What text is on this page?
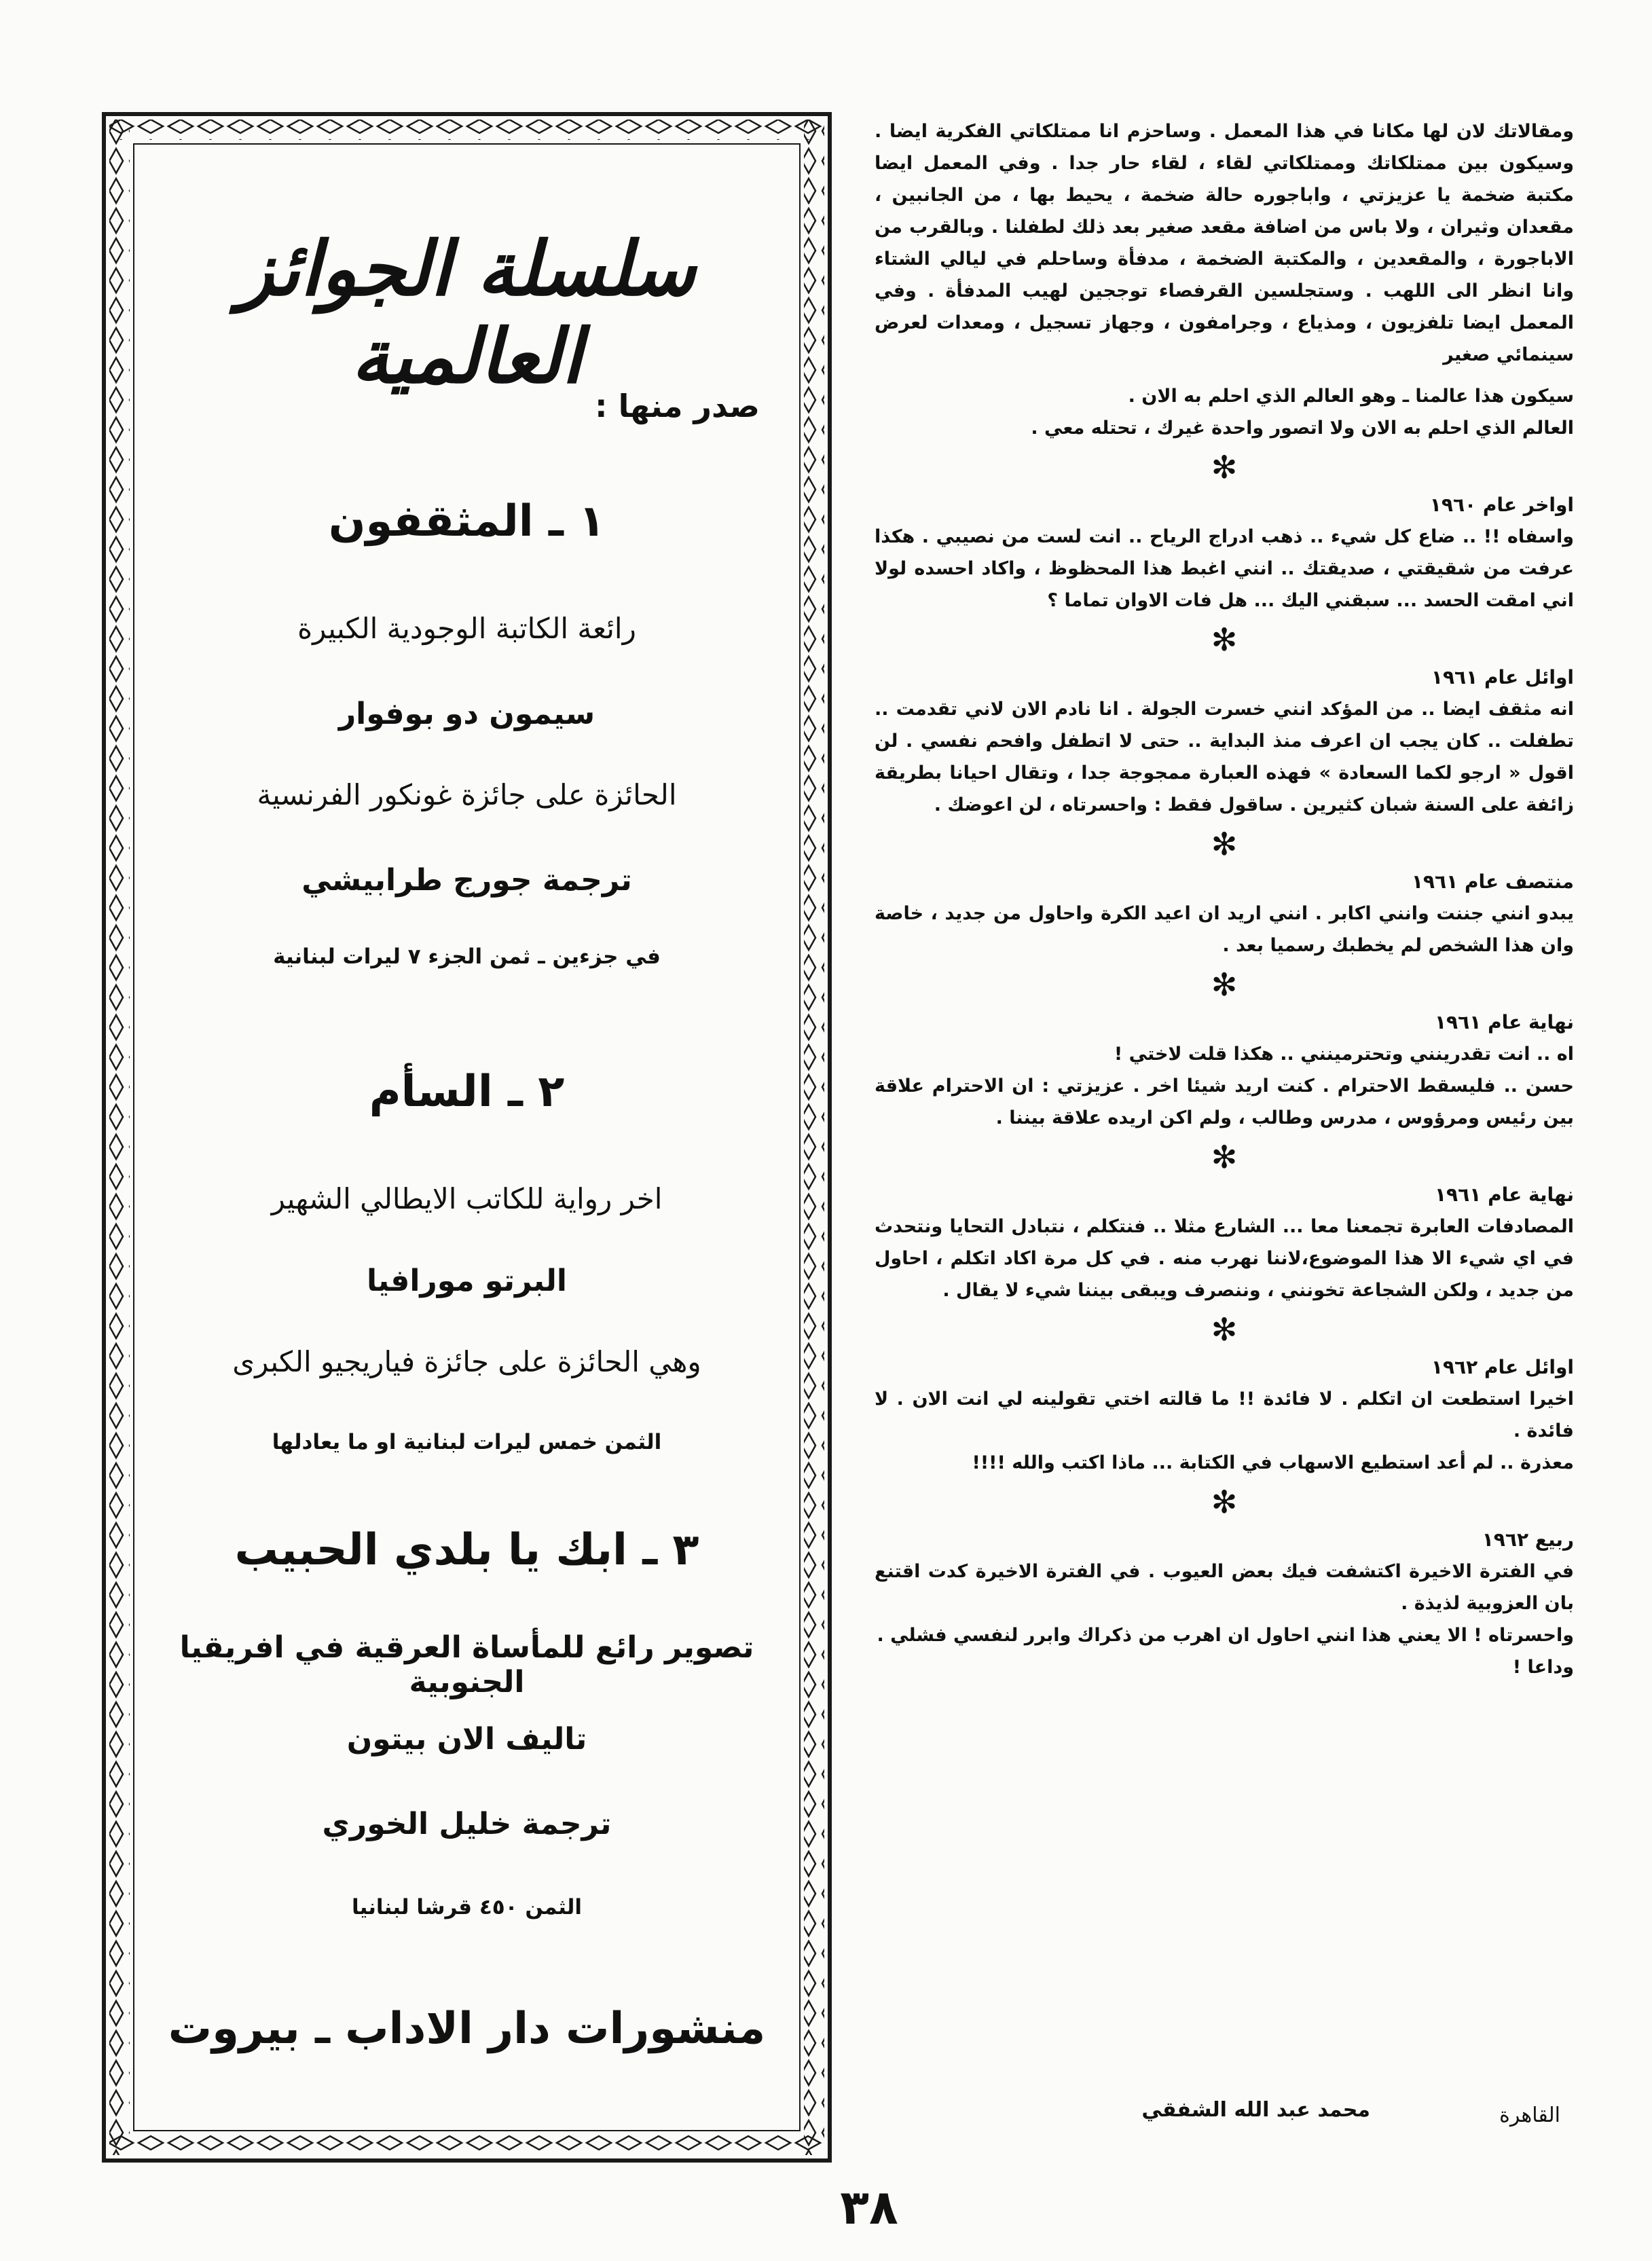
ومقالاتك لان لها مكانا في هذا المعمل . وساحزم انا ممتلكاتي الفكرية ايضا . وسيكون بين ممتلكاتك وممتلكاتي لقاء ، لقاء حار جدا . وفي المعمل ايضا مكتبة ضخمة يا عزيزتي ، واباجوره حالة ضخمة ، يحيط بها ، من الجانبين ، مقعدان وثيران ، ولا باس من اضافة مقعد صغير بعد ذلك لطفلنا . وبالقرب من الاباجورة ، والمقعدين ، والمكتبة الضخمة ، مدفأة وساحلم في ليالي الشتاء وانا انظر الى اللهب . وستجلسين القرفصاء توججين لهيب المدفأة . وفي المعمل ايضا تلفزيون ، ومذياع ، وجرامفون ، وجهاز تسجيل ، ومعدات لعرض سينمائي صغير

سيكون هذا عالمنا ـ وهو العالم الذي احلم به الان .

العالم الذي احلم به الان ولا اتصور واحدة غيرك ، تحتله معي .

✻

اواخر عام ١٩٦٠

واسفاه !! .. ضاع كل شيء .. ذهب ادراج الرياح .. انت لست من نصيبي . هكذا عرفت من شقيقتي ، صديقتك .. انني اغبط هذا المحظوظ ، واكاد احسده لولا اني امقت الحسد ... سبقني اليك ... هل فات الاوان تماما ؟

✻

اوائل عام ١٩٦١

انه مثقف ايضا .. من المؤكد انني خسرت الجولة . انا نادم الان لاني تقدمت .. تطفلت .. كان يجب ان اعرف منذ البداية .. حتى لا اتطفل وافحم نفسي . لن اقول « ارجو لكما السعادة » فهذه العبارة ممجوجة جدا ، وتقال احيانا بطريقة زائفة على السنة شبان كثيرين . ساقول فقط : واحسرتاه ، لن اعوضك .

✻

منتصف عام ١٩٦١

يبدو انني جننت وانني اكابر . انني اريد ان اعيد الكرة واحاول من جديد ، خاصة وان هذا الشخص لم يخطبك رسميا بعد .

✻

نهاية عام ١٩٦١

اه .. انت تقدرينني وتحترمينني .. هكذا قلت لاختي !

حسن .. فليسقط الاحترام . كنت اريد شيئا اخر . عزيزتي : ان الاحترام علاقة بين رئيس ومرؤوس ، مدرس وطالب ، ولم اكن اريده علاقة بيننا .

✻

نهاية عام ١٩٦١

المصادفات العابرة تجمعنا معا ... الشارع مثلا .. فنتكلم ، نتبادل التحايا ونتحدث في اي شيء الا هذا الموضوع،لاننا نهرب منه . في كل مرة اكاد اتكلم ، احاول من جديد ، ولكن الشجاعة تخونني ، وننصرف ويبقى بيننا شيء لا يقال .

✻

اوائل عام ١٩٦٢

اخيرا استطعت ان اتكلم . لا فائدة !! ما قالته اختي تقولينه لي انت الان . لا فائدة .

معذرة .. لم أعد استطيع الاسهاب في الكتابة ... ماذا اكتب والله !!!!

✻

ربيع ١٩٦٢

في الفترة الاخيرة اكتشفت فيك بعض العيوب . في الفترة الاخيرة كدت اقتنع بان العزوبية لذيذة .

واحسرتاه ! الا يعني هذا انني احاول ان اهرب من ذكراك وابرر لنفسي فشلي .

وداعا !

القاهرة
محمد عبد الله الشفقي
سلسلة الجوائز العالمية
صدر منها :
١ ـ المثقفون
رائعة الكاتبة الوجودية الكبيرة
سيمون دو بوفوار
الحائزة على جائزة غونكور الفرنسية
ترجمة جورج طرابيشي
في جزءين ـ ثمن الجزء ٧ ليرات لبنانية
٢ ـ السأم
اخر رواية للكاتب الايطالي الشهير
البرتو مورافيا
وهي الحائزة على جائزة فياريجيو الكبرى
الثمن خمس ليرات لبنانية او ما يعادلها
٣ ـ ابك يا بلدي الحبيب
تصوير رائع للمأساة العرقية في افريقيا الجنوبية
تاليف الان بيتون
ترجمة خليل الخوري
الثمن ٤٥٠ قرشا لبنانيا
منشورات دار الاداب ـ بيروت
٣٨
